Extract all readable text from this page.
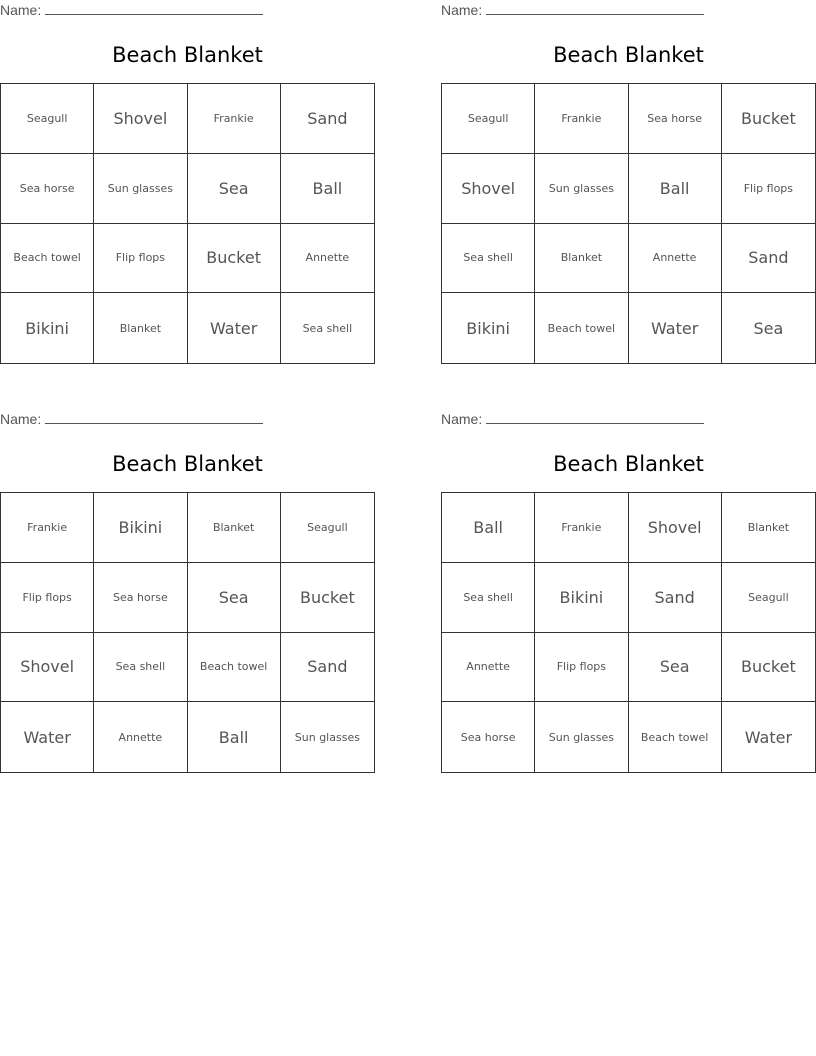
Name:
Beach Blanket
Seagull	Shovel	Frankie	Sand
Sea horse	Sun glasses	Sea	Ball
Beach towel	Flip flops	Bucket	Annette
Bikini	Blanket	Water	Sea shell
Name:
Beach Blanket
Seagull	Frankie	Sea horse	Bucket
Shovel	Sun glasses	Ball	Flip flops
Sea shell	Blanket	Annette	Sand
Bikini	Beach towel	Water	Sea
Name:
Beach Blanket
Frankie	Bikini	Blanket	Seagull
Flip flops	Sea horse	Sea	Bucket
Shovel	Sea shell	Beach towel	Sand
Water	Annette	Ball	Sun glasses
Name:
Beach Blanket
Ball	Frankie	Shovel	Blanket
Sea shell	Bikini	Sand	Seagull
Annette	Flip flops	Sea	Bucket
Sea horse	Sun glasses	Beach towel	Water
